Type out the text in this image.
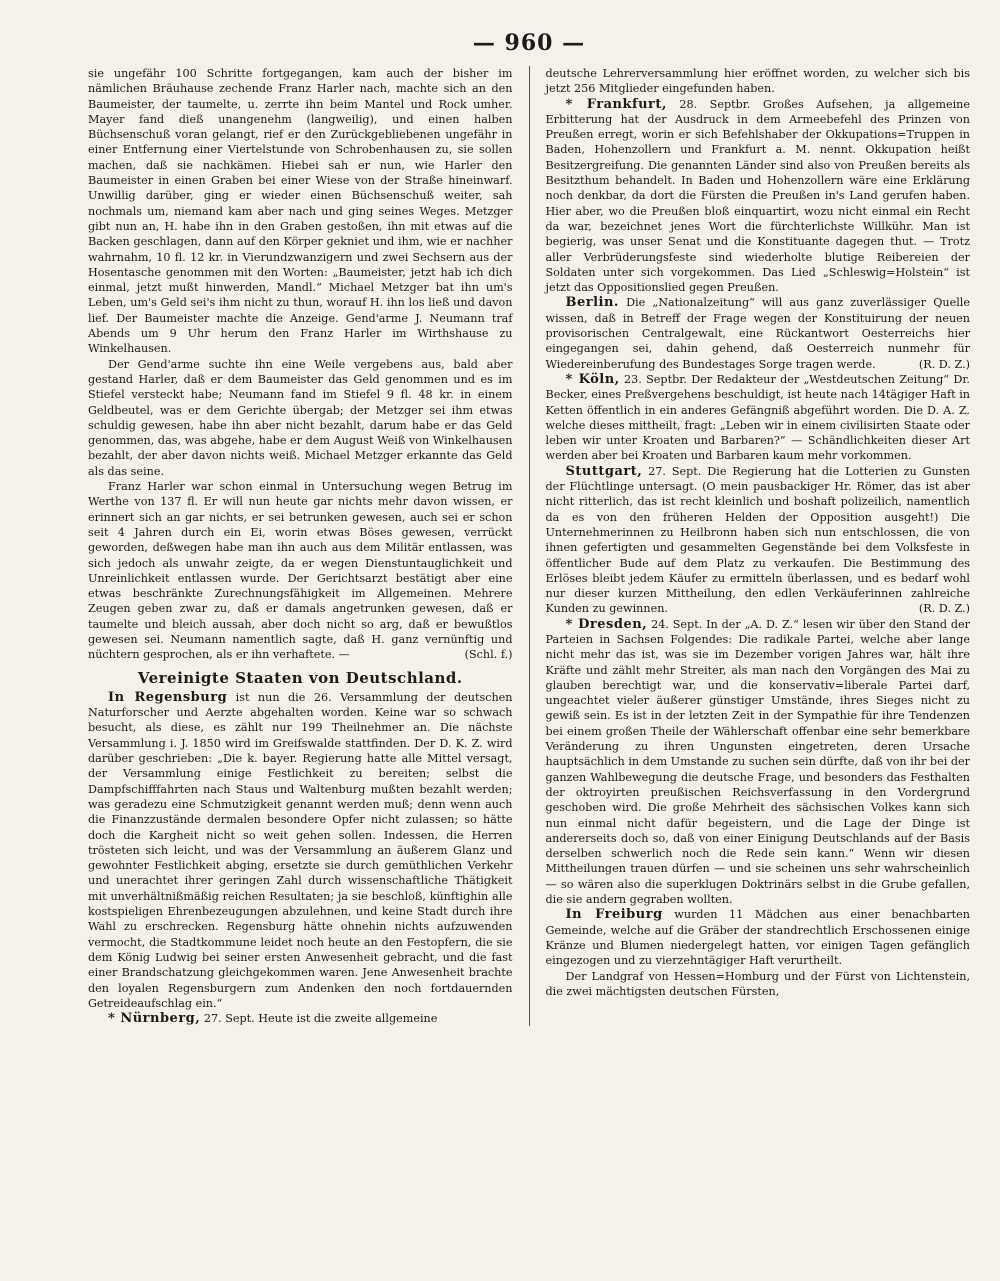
— 960 —

sie ungefähr 100 Schritte fortgegangen, kam auch der bisher im nämlichen Bräuhause zechende Franz Harler nach, machte sich an den Baumeister, der taumelte, u. zerrte ihn beim Mantel und Rock umher. Mayer fand dieß unangenehm (langweilig), und einen halben Büchsenschuß voran gelangt, rief er den Zurückgebliebenen ungefähr in einer Entfernung einer Viertelstunde von Schrobenhausen zu, sie sollen machen, daß sie nachkämen. Hiebei sah er nun, wie Harler den Baumeister in einen Graben bei einer Wiese von der Straße hineinwarf. Unwillig darüber, ging er wieder einen Büchsenschuß weiter, sah nochmals um, niemand kam aber nach und ging seines Weges. Metzger gibt nun an, H. habe ihn in den Graben gestoßen, ihn mit etwas auf die Backen geschlagen, dann auf den Körper gekniet und ihm, wie er nachher wahrnahm, 10 fl. 12 kr. in Vierundzwanzigern und zwei Sechsern aus der Hosentasche genommen mit den Worten: „Baumeister, jetzt hab ich dich einmal, jetzt mußt hinwerden, Mandl.“ Michael Metzger bat ihn um's Leben, um's Geld sei's ihm nicht zu thun, worauf H. ihn los ließ und davon lief. Der Baumeister machte die Anzeige. Gend'arme J. Neumann traf Abends um 9 Uhr herum den Franz Harler im Wirthshause zu Winkelhausen.

Der Gend'arme suchte ihn eine Weile vergebens aus, bald aber gestand Harler, daß er dem Baumeister das Geld genommen und es im Stiefel versteckt habe; Neumann fand im Stiefel 9 fl. 48 kr. in einem Geldbeutel, was er dem Gerichte übergab; der Metzger sei ihm etwas schuldig gewesen, habe ihn aber nicht bezahlt, darum habe er das Geld genommen, das, was abgehe, habe er dem August Weiß von Winkelhausen bezahlt, der aber davon nichts weiß. Michael Metzger erkannte das Geld als das seine.

Franz Harler war schon einmal in Untersuchung wegen Betrug im Werthe von 137 fl. Er will nun heute gar nichts mehr davon wissen, er erinnert sich an gar nichts, er sei betrunken gewesen, auch sei er schon seit 4 Jahren durch ein Ei, worin etwas Böses gewesen, verrückt geworden, deßwegen habe man ihn auch aus dem Militär entlassen, was sich jedoch als unwahr zeigte, da er wegen Dienstuntauglichkeit und Unreinlichkeit entlassen wurde. Der Gerichtsarzt bestätigt aber eine etwas beschränkte Zurechnungsfähigkeit im Allgemeinen. Mehrere Zeugen geben zwar zu, daß er damals angetrunken gewesen, daß er taumelte und bleich aussah, aber doch nicht so arg, daß er bewußtlos gewesen sei. Neumann namentlich sagte, daß H. ganz vernünftig und nüchtern gesprochen, als er ihn verhaftete. —	(Schl. f.)

Vereinigte Staaten von Deutschland.

In Regensburg ist nun die 26. Versammlung der deutschen Naturforscher und Aerzte abgehalten worden. Keine war so schwach besucht, als diese, es zählt nur 199 Theilnehmer an. Die nächste Versammlung i. J. 1850 wird im Greifswalde stattfinden. Der D. K. Z. wird darüber geschrieben: „Die k. bayer. Regierung hatte alle Mittel versagt, der Versammlung einige Festlichkeit zu bereiten; selbst die Dampfschifffahrten nach Staus und Waltenburg mußten bezahlt werden; was geradezu eine Schmutzigkeit genannt werden muß; denn wenn auch die Finanzzustände dermalen besondere Opfer nicht zulassen; so hätte doch die Kargheit nicht so weit gehen sollen. Indessen, die Herren trösteten sich leicht, und was der Versammlung an äußerem Glanz und gewohnter Festlichkeit abging, ersetzte sie durch gemüthlichen Verkehr und unerachtet ihrer geringen Zahl durch wissenschaftliche Thätigkeit mit unverhältnißmäßig reichen Resultaten; ja sie beschloß, künftighin alle kostspieligen Ehrenbezeugungen abzulehnen, und keine Stadt durch ihre Wahl zu erschrecken. Regensburg hätte ohnehin nichts aufzuwenden vermocht, die Stadtkommune leidet noch heute an den Festopfern, die sie dem König Ludwig bei seiner ersten Anwesenheit gebracht, und die fast einer Brandschatzung gleichgekommen waren. Jene Anwesenheit brachte den loyalen Regensburgern zum Andenken den noch fortdauernden Getreideaufschlag ein.“

* Nürnberg, 27. Sept. Heute ist die zweite allgemeine

deutsche Lehrerversammlung hier eröffnet worden, zu welcher sich bis jetzt 256 Mitglieder eingefunden haben.

* Frankfurt, 28. Septbr. Großes Aufsehen, ja allgemeine Erbitterung hat der Ausdruck in dem Armeebefehl des Prinzen von Preußen erregt, worin er sich Befehlshaber der Okkupations=Truppen in Baden, Hohenzollern und Frankfurt a. M. nennt. Okkupation heißt Besitzergreifung. Die genannten Länder sind also von Preußen bereits als Besitzthum behandelt. In Baden und Hohenzollern wäre eine Erklärung noch denkbar, da dort die Fürsten die Preußen in's Land gerufen haben. Hier aber, wo die Preußen bloß einquartirt, wozu nicht einmal ein Recht da war, bezeichnet jenes Wort die fürchterlichste Willkühr. Man ist begierig, was unser Senat und die Konstituante dagegen thut. — Trotz aller Verbrüderungsfeste sind wiederholte blutige Reibereien der Soldaten unter sich vorgekommen. Das Lied „Schleswig=Holstein“ ist jetzt das Oppositionslied gegen Preußen.

Berlin. Die „Nationalzeitung“ will aus ganz zuverlässiger Quelle wissen, daß in Betreff der Frage wegen der Konstituirung der neuen provisorischen Centralgewalt, eine Rückantwort Oesterreichs hier eingegangen sei, dahin gehend, daß Oesterreich nunmehr für Wiedereinberufung des Bundestages Sorge tragen werde.	(R. D. Z.)

* Köln, 23. Septbr. Der Redakteur der „Westdeutschen Zeitung“ Dr. Becker, eines Preßvergehens beschuldigt, ist heute nach 14tägiger Haft in Ketten öffentlich in ein anderes Gefängniß abgeführt worden. Die D. A. Z. welche dieses mittheilt, fragt: „Leben wir in einem civilisirten Staate oder leben wir unter Kroaten und Barbaren?“ — Schändlichkeiten dieser Art werden aber bei Kroaten und Barbaren kaum mehr vorkommen.

Stuttgart, 27. Sept. Die Regierung hat die Lotterien zu Gunsten der Flüchtlinge untersagt. (O mein pausbackiger Hr. Römer, das ist aber nicht ritterlich, das ist recht kleinlich und boshaft polizeilich, namentlich da es von den früheren Helden der Opposition ausgeht!) Die Unternehmerinnen zu Heilbronn haben sich nun entschlossen, die von ihnen gefertigten und gesammelten Gegenstände bei dem Volksfeste in öffentlicher Bude auf dem Platz zu verkaufen. Die Bestimmung des Erlöses bleibt jedem Käufer zu ermitteln überlassen, und es bedarf wohl nur dieser kurzen Mittheilung, den edlen Verkäuferinnen zahlreiche Kunden zu gewinnen.	(R. D. Z.)

* Dresden, 24. Sept. In der „A. D. Z.“ lesen wir über den Stand der Parteien in Sachsen Folgendes: Die radikale Partei, welche aber lange nicht mehr das ist, was sie im Dezember vorigen Jahres war, hält ihre Kräfte und zählt mehr Streiter, als man nach den Vorgängen des Mai zu glauben berechtigt war, und die konservativ=liberale Partei darf, ungeachtet vieler äußerer günstiger Umstände, ihres Sieges nicht zu gewiß sein. Es ist in der letzten Zeit in der Sympathie für ihre Tendenzen bei einem großen Theile der Wählerschaft offenbar eine sehr bemerkbare Veränderung zu ihren Ungunsten eingetreten, deren Ursache hauptsächlich in dem Umstande zu suchen sein dürfte, daß von ihr bei der ganzen Wahlbewegung die deutsche Frage, und besonders das Festhalten der oktroyirten preußischen Reichsverfassung in den Vordergrund geschoben wird. Die große Mehrheit des sächsischen Volkes kann sich nun einmal nicht dafür begeistern, und die Lage der Dinge ist andererseits doch so, daß von einer Einigung Deutschlands auf der Basis derselben schwerlich noch die Rede sein kann.“ Wenn wir diesen Mittheilungen trauen dürfen — und sie scheinen uns sehr wahrscheinlich — so wären also die superklugen Doktrinärs selbst in die Grube gefallen, die sie andern gegraben wollten.

In Freiburg wurden 11 Mädchen aus einer benachbarten Gemeinde, welche auf die Gräber der standrechtlich Erschossenen einige Kränze und Blumen niedergelegt hatten, vor einigen Tagen gefänglich eingezogen und zu vierzehntägiger Haft verurtheilt.

Der Landgraf von Hessen=Homburg und der Fürst von Lichtenstein, die zwei mächtigsten deutschen Fürsten,
